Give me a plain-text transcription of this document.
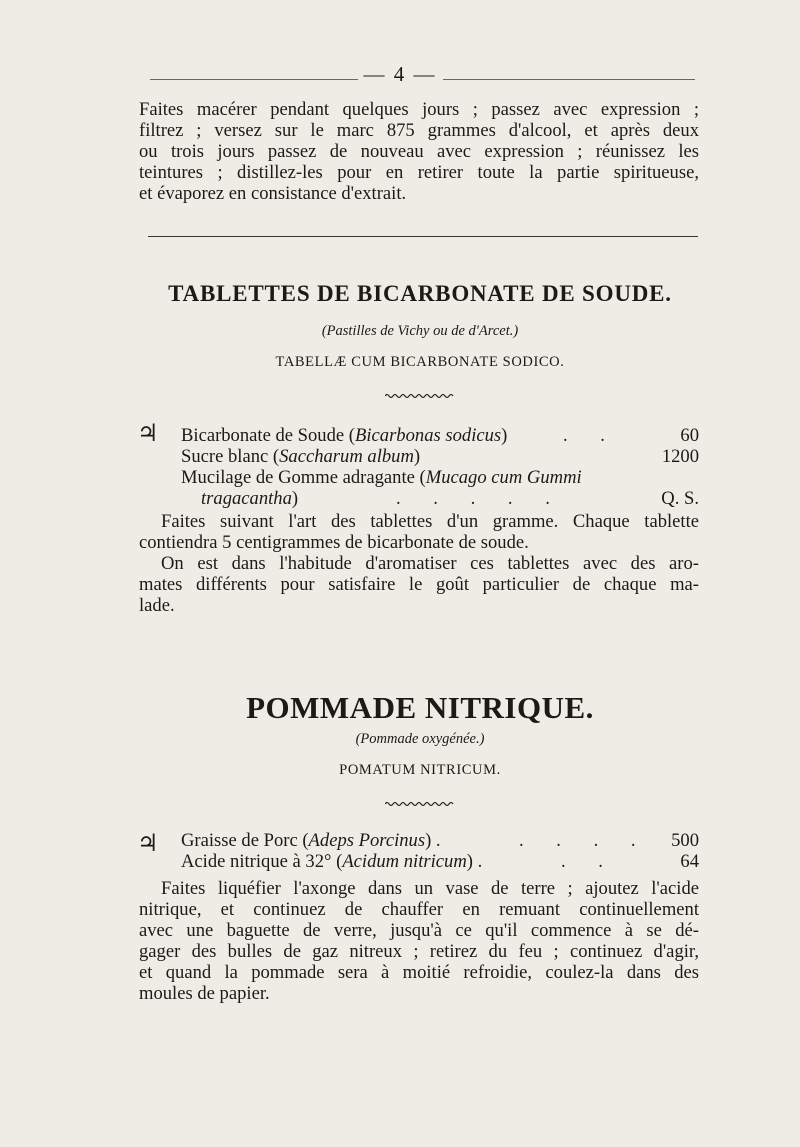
— 4 —
Faites macérer pendant quelques jours ; passez avec expression ;
filtrez ; versez sur le marc 875 grammes d'alcool, et après deux
ou trois jours passez de nouveau avec expression ; réunissez les
teintures ; distillez-les pour en retirer toute la partie spiritueuse,
et évaporez en consistance d'extrait.
TABLETTES DE BICARBONATE DE SOUDE.
(Pastilles de Vichy ou de d'Arcet.)
TABELLÆ CUM BICARBONATE SODICO.
♃ Bicarbonate de Soude (Bicarbonas sodicus)	. .	60
Sucre blanc (Saccharum album)	1200
Mucilage de Gomme adragante (Mucago cum Gummi
tragacantha)	. . . . .	Q. S.
Faites suivant l'art des tablettes d'un gramme. Chaque tablette
contiendra 5 centigrammes de bicarbonate de soude.
On est dans l'habitude d'aromatiser ces tablettes avec des aro-
mates différents pour satisfaire le goût particulier de chaque ma-
lade.
POMMADE NITRIQUE.
(Pommade oxygénée.)
POMATUM NITRICUM.
♃ Graisse de Porc (Adeps Porcinus) .	. . . . 500
Acide nitrique à 32° (Acidum nitricum) .	. .	64
Faites liquéfier l'axonge dans un vase de terre ; ajoutez l'acide
nitrique, et continuez de chauffer en remuant continuellement
avec une baguette de verre, jusqu'à ce qu'il commence à se dé-
gager des bulles de gaz nitreux ; retirez du feu ; continuez d'agir,
et quand la pommade sera à moitié refroidie, coulez-la dans des
moules de papier.
